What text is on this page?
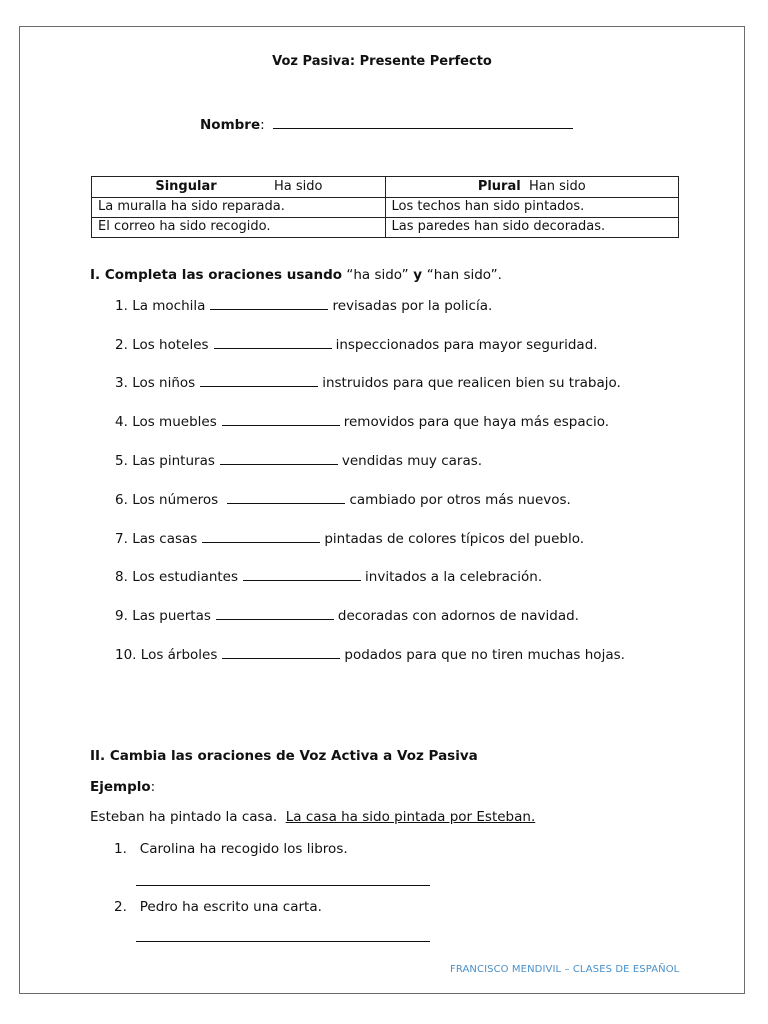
Voz Pasiva: Presente Perfecto
Nombre:
Singular Ha sido	Plural Han sido
La muralla ha sido reparada.	Los techos han sido pintados.
El correo ha sido recogido.	Las paredes han sido decoradas.
I. Completa las oraciones usando “ha sido” y “han sido”.
1. La mochila	revisadas por la policía.
2. Los hoteles	inspeccionados para mayor seguridad.
3. Los niños	instruidos para que realicen bien su trabajo.
4. Los muebles	removidos para que haya más espacio.
5. Las pinturas	vendidas muy caras.
6. Los números	cambiado por otros más nuevos.
7. Las casas	pintadas de colores típicos del pueblo.
8. Los estudiantes	invitados a la celebración.
9. Las puertas	decoradas con adornos de navidad.
10. Los árboles	podados para que no tiren muchas hojas.
II. Cambia las oraciones de Voz Activa a Voz Pasiva
Ejemplo:
Esteban ha pintado la casa. La casa ha sido pintada por Esteban.
1. Carolina ha recogido los libros.
2. Pedro ha escrito una carta.
FRANCISCO MENDIVIL – CLASES DE ESPAÑOL
